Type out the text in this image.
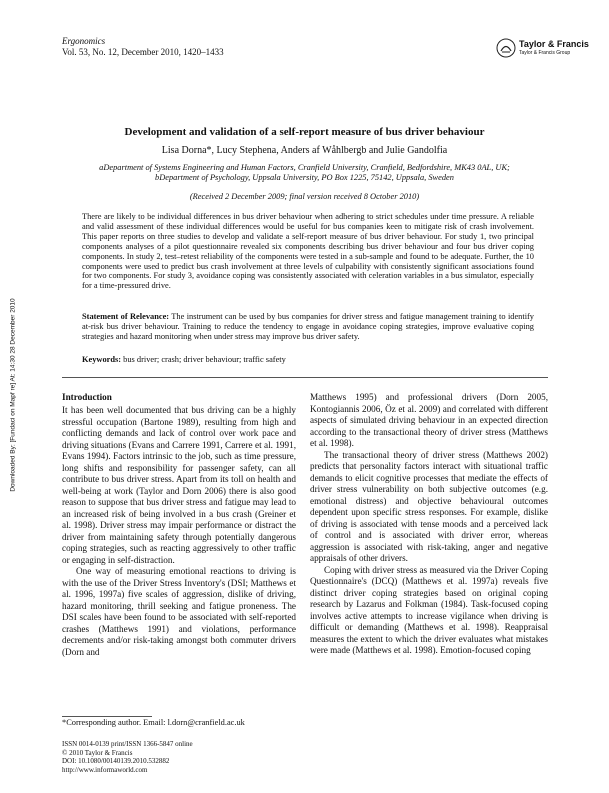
Ergonomics
Vol. 53, No. 12, December 2010, 1420–1433
Taylor & Francis
Taylor & Francis Group
Development and validation of a self-report measure of bus driver behaviour
Lisa Dorna*, Lucy Stephena, Anders af Wåhlbergb and Julie Gandolfia
aDepartment of Systems Engineering and Human Factors, Cranfield University, Cranfield, Bedfordshire, MK43 0AL, UK;
bDepartment of Psychology, Uppsala University, PO Box 1225, 75142, Uppsala, Sweden
(Received 2 December 2009; final version received 8 October 2010)
There are likely to be individual differences in bus driver behaviour when adhering to strict schedules under time pressure. A reliable and valid assessment of these individual differences would be useful for bus companies keen to mitigate risk of crash involvement. This paper reports on three studies to develop and validate a self-report measure of bus driver behaviour. For study 1, two principal components analyses of a pilot questionnaire revealed six components describing bus driver behaviour and four bus driver coping components. In study 2, test–retest reliability of the components were tested in a sub-sample and found to be adequate. Further, the 10 components were used to predict bus crash involvement at three levels of culpability with consistently significant associations found for two components. For study 3, avoidance coping was consistently associated with celeration variables in a bus simulator, especially for a time-pressured drive.
Statement of Relevance: The instrument can be used by bus companies for driver stress and fatigue management training to identify at-risk bus driver behaviour. Training to reduce the tendency to engage in avoidance coping strategies, improve evaluative coping strategies and hazard monitoring when under stress may improve bus driver safety.
Keywords: bus driver; crash; driver behaviour; traffic safety
Introduction

It has been well documented that bus driving can be a highly stressful occupation (Bartone 1989), resulting from high and conflicting demands and lack of control over work pace and driving situations (Evans and Carrere 1991, Carrere et al. 1991, Evans 1994). Factors intrinsic to the job, such as time pressure, long shifts and responsibility for passenger safety, can all contribute to bus driver stress. Apart from its toll on health and well-being at work (Taylor and Dorn 2006) there is also good reason to suppose that bus driver stress and fatigue may lead to an increased risk of being involved in a bus crash (Greiner et al. 1998). Driver stress may impair performance or distract the driver from maintaining safety through potentially dangerous coping strategies, such as reacting aggressively to other traffic or engaging in self-distraction.

One way of measuring emotional reactions to driving is with the use of the Driver Stress Inventory's (DSI; Matthews et al. 1996, 1997a) five scales of aggression, dislike of driving, hazard monitoring, thrill seeking and fatigue proneness. The DSI scales have been found to be associated with self-reported crashes (Matthews 1991) and violations, performance decrements and/or risk-taking amongst both commuter drivers (Dorn and

Matthews 1995) and professional drivers (Dorn 2005, Kontogiannis 2006, Öz et al. 2009) and correlated with different aspects of simulated driving behaviour in an expected direction according to the transactional theory of driver stress (Matthews et al. 1998).

The transactional theory of driver stress (Matthews 2002) predicts that personality factors interact with situational traffic demands to elicit cognitive processes that mediate the effects of driver stress vulnerability on both subjective outcomes (e.g. emotional distress) and objective behavioural outcomes dependent upon specific stress responses. For example, dislike of driving is associated with tense moods and a perceived lack of control and is associated with driver error, whereas aggression is associated with risk-taking, anger and negative appraisals of other drivers.

Coping with driver stress as measured via the Driver Coping Questionnaire's (DCQ) (Matthews et al. 1997a) reveals five distinct driver coping strategies based on original coping research by Lazarus and Folkman (1984). Task-focused coping involves active attempts to increase vigilance when driving is difficult or demanding (Matthews et al. 1998). Reappraisal measures the extent to which the driver evaluates what mistakes were made (Matthews et al. 1998). Emotion-focused coping

Downloaded By: [Fundaci on Mapf re] At: 14:30 28 December 2010
*Corresponding author. Email: l.dorn@cranfield.ac.uk
ISSN 0014-0139 print/ISSN 1366-5847 online
© 2010 Taylor & Francis
DOI: 10.1080/00140139.2010.532882
http://www.informaworld.com
